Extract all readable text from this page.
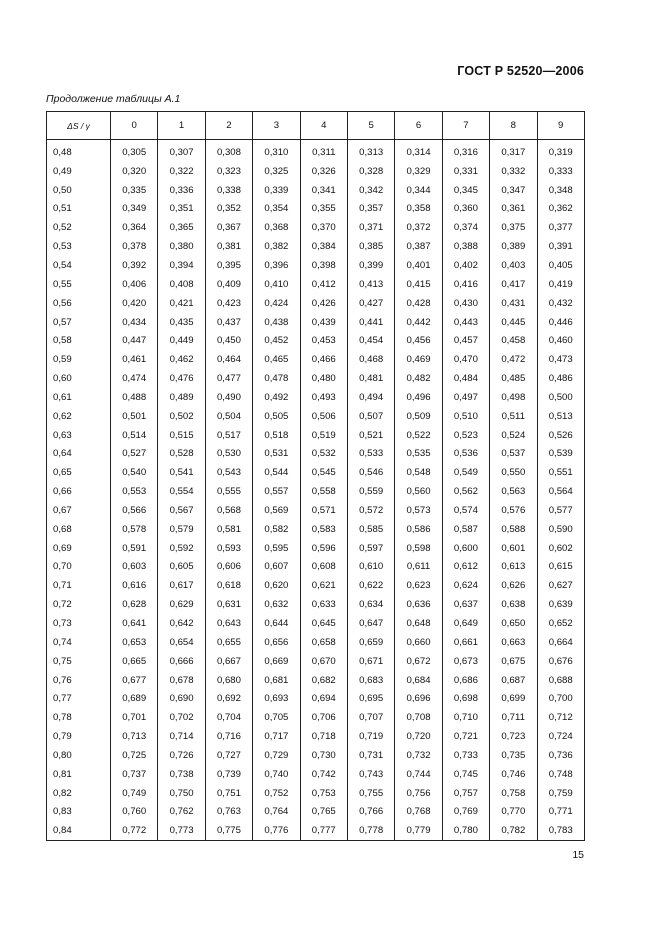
ГОСТ Р 52520—2006
Продолжение таблицы А.1
ΔS / γ	0	1	2	3	4	5	6	7	8	9
0,48	0,305	0,307	0,308	0,310	0,311	0,313	0,314	0,316	0,317	0,319
0,49	0,320	0,322	0,323	0,325	0,326	0,328	0,329	0,331	0,332	0,333
0,50	0,335	0,336	0,338	0,339	0,341	0,342	0,344	0,345	0,347	0,348
0,51	0,349	0,351	0,352	0,354	0,355	0,357	0,358	0,360	0,361	0,362
0,52	0,364	0,365	0,367	0,368	0,370	0,371	0,372	0,374	0,375	0,377
0,53	0,378	0,380	0,381	0,382	0,384	0,385	0,387	0,388	0,389	0,391
0,54	0,392	0,394	0,395	0,396	0,398	0,399	0,401	0,402	0,403	0,405
0,55	0,406	0,408	0,409	0,410	0,412	0,413	0,415	0,416	0,417	0,419
0,56	0,420	0,421	0,423	0,424	0,426	0,427	0,428	0,430	0,431	0,432
0,57	0,434	0,435	0,437	0,438	0,439	0,441	0,442	0,443	0,445	0,446
0,58	0,447	0,449	0,450	0,452	0,453	0,454	0,456	0,457	0,458	0,460
0,59	0,461	0,462	0,464	0,465	0,466	0,468	0,469	0,470	0,472	0,473
0,60	0,474	0,476	0,477	0,478	0,480	0,481	0,482	0,484	0,485	0,486
0,61	0,488	0,489	0,490	0,492	0,493	0,494	0,496	0,497	0,498	0,500
0,62	0,501	0,502	0,504	0,505	0,506	0,507	0,509	0,510	0,511	0,513
0,63	0,514	0,515	0,517	0,518	0,519	0,521	0,522	0,523	0,524	0,526
0,64	0,527	0,528	0,530	0,531	0,532	0,533	0,535	0,536	0,537	0,539
0,65	0,540	0,541	0,543	0,544	0,545	0,546	0,548	0,549	0,550	0,551
0,66	0,553	0,554	0,555	0,557	0,558	0,559	0,560	0,562	0,563	0,564
0,67	0,566	0,567	0,568	0,569	0,571	0,572	0,573	0,574	0,576	0,577
0,68	0,578	0,579	0,581	0,582	0,583	0,585	0,586	0,587	0,588	0,590
0,69	0,591	0,592	0,593	0,595	0,596	0,597	0,598	0,600	0,601	0,602
0,70	0,603	0,605	0,606	0,607	0,608	0,610	0,611	0,612	0,613	0,615
0,71	0,616	0,617	0,618	0,620	0,621	0,622	0,623	0,624	0,626	0,627
0,72	0,628	0,629	0,631	0,632	0,633	0,634	0,636	0,637	0,638	0,639
0,73	0,641	0,642	0,643	0,644	0,645	0,647	0,648	0,649	0,650	0,652
0,74	0,653	0,654	0,655	0,656	0,658	0,659	0,660	0,661	0,663	0,664
0,75	0,665	0,666	0,667	0,669	0,670	0,671	0,672	0,673	0,675	0,676
0,76	0,677	0,678	0,680	0,681	0,682	0,683	0,684	0,686	0,687	0,688
0,77	0,689	0,690	0,692	0,693	0,694	0,695	0,696	0,698	0,699	0,700
0,78	0,701	0,702	0,704	0,705	0,706	0,707	0,708	0,710	0,711	0,712
0,79	0,713	0,714	0,716	0,717	0,718	0,719	0,720	0,721	0,723	0,724
0,80	0,725	0,726	0,727	0,729	0,730	0,731	0,732	0,733	0,735	0,736
0,81	0,737	0,738	0,739	0,740	0,742	0,743	0,744	0,745	0,746	0,748
0,82	0,749	0,750	0,751	0,752	0,753	0,755	0,756	0,757	0,758	0,759
0,83	0,760	0,762	0,763	0,764	0,765	0,766	0,768	0,769	0,770	0,771
0,84	0,772	0,773	0,775	0,776	0,777	0,778	0,779	0,780	0,782	0,783
15
